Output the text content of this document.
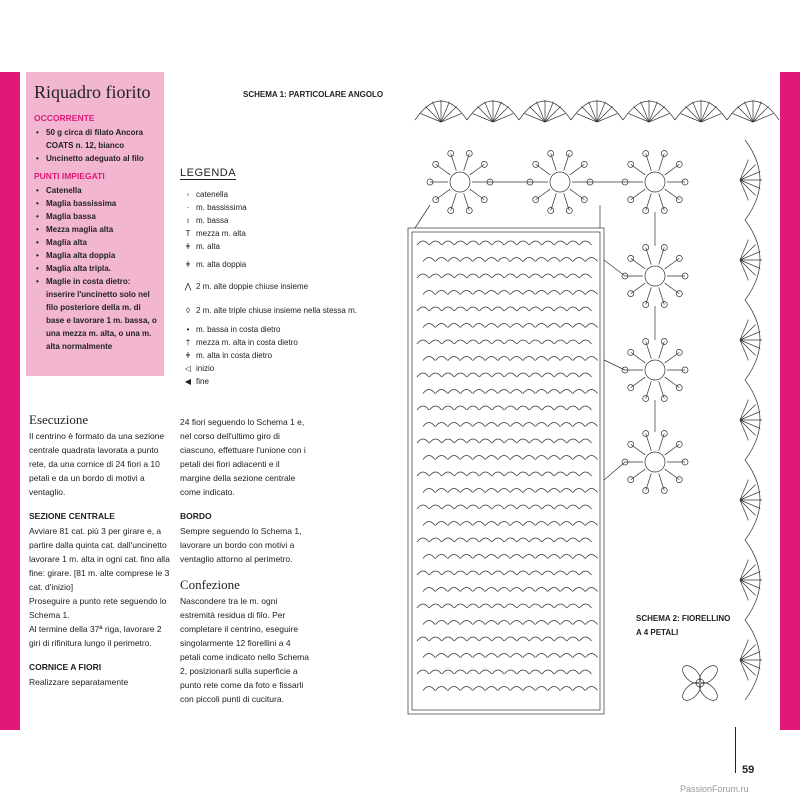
Riquadro fiorito
OCCORRENTE
• 50 g circa di filato Ancora COATS n. 12, bianco
• Uncinetto adeguato al filo
PUNTI IMPIEGATI
• Catenella
• Maglia bassissima
• Maglia bassa
• Mezza maglia alta
• Maglia alta
• Maglia alta doppia
• Maglia alta tripla.
• Maglie in costa dietro:
inserire l'uncinetto solo nel filo posteriore della m. di base e lavorare 1 m. bassa, o una mezza m. alta, o una m. alta normalmente
SCHEMA 1: PARTICOLARE ANGOLO
LEGENDA
◦ catenella
· m. bassissima
ı m. bassa
T mezza m. alta
ǂ m. alta
ǂ m. alta doppia
⋀ 2 m. alte doppie chiuse insieme
◊ 2 m. alte triple chiuse insieme nella stessa m.
• m. bassa in costa dietro
† mezza m. alta in costa dietro
ǂ m. alta in costa dietro
◁ inizio
◀ fine
Esecuzione

Il centrino è formato da una sezione centrale quadrata lavorata a punto rete, da una cornice di 24 fiori a 10 petali e da un bordo di motivi a ventaglio.

SEZIONE CENTRALE

Avviare 81 cat. più 3 per girare e, a partire dalla quinta cat. dall'uncinetto lavorare 1 m. alta in ogni cat. fino alla fine: girare. [81 m. alte comprese le 3 cat. d'inizio]

Proseguire a punto rete seguendo lo Schema 1.

Al termine della 37ª riga, lavorare 2 giri di rifinitura lungo il perimetro.

CORNICE A FIORI

Realizzare separatamente

24 fiori seguendo lo Schema 1 e, nel corso dell'ultimo giro di ciascuno, effettuare l'unione con i petali dei fiori adiacenti e il margine della sezione centrale come indicato.

BORDO

Sempre seguendo lo Schema 1, lavorare un bordo con motivi a ventaglio attorno al perimetro.

Confezione

Nascondere tra le m. ogni estremità residua di filo. Per completare il centrino, eseguire singolarmente 12 fiorellini a 4 petali come indicato nello Schema 2, posizionarli sulla superficie a punto rete come da foto e fissarli con piccoli punti di cucitura.

SCHEMA 2: FIORELLINO
A 4 PETALI
59
PassionForum.ru
